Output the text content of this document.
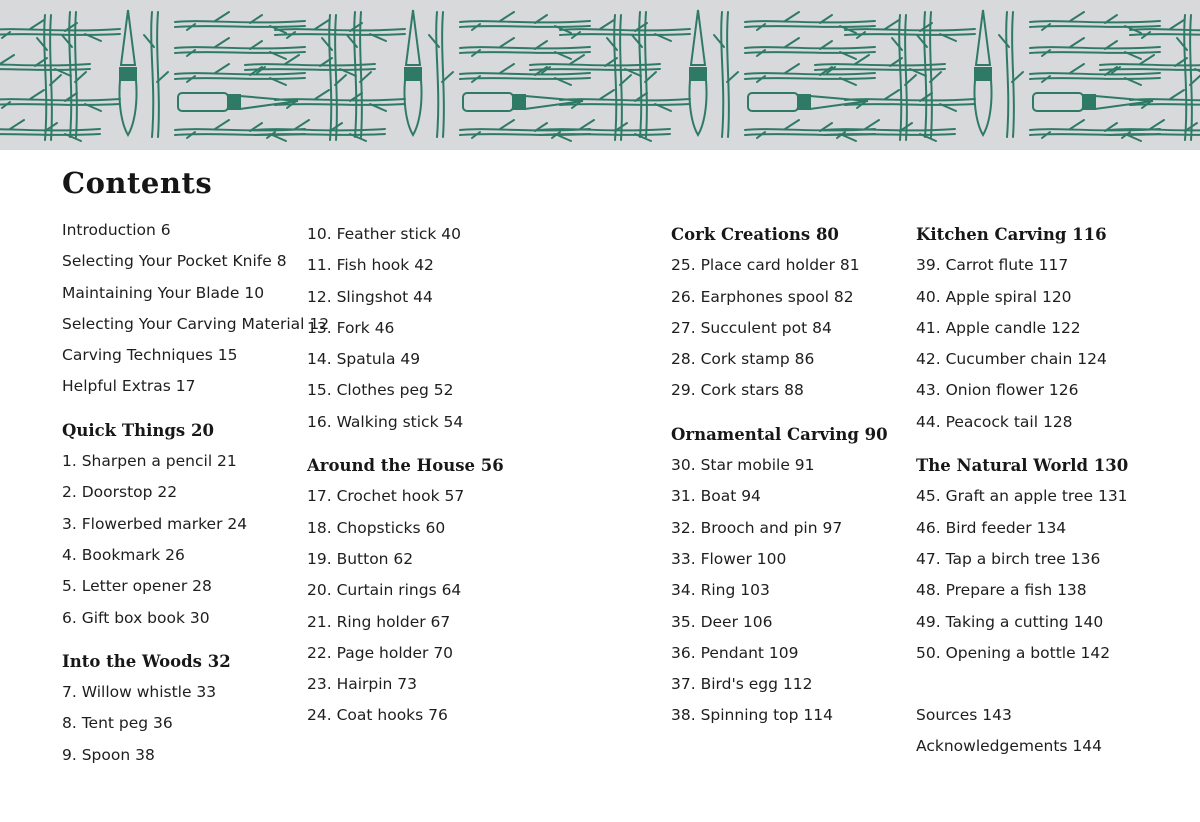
Contents
Introduction 6
Selecting Your Pocket Knife 8
Maintaining Your Blade 10
Selecting Your Carving Material 12
Carving Techniques 15
Helpful Extras 17
Quick Things 20
1. Sharpen a pencil 21
2. Doorstop 22
3. Flowerbed marker 24
4. Bookmark 26
5. Letter opener 28
6. Gift box book 30
Into the Woods 32
7. Willow whistle 33
8. Tent peg 36
9. Spoon 38
10. Feather stick 40
11. Fish hook 42
12. Slingshot 44
13. Fork 46
14. Spatula 49
15. Clothes peg 52
16. Walking stick 54
Around the House 56
17. Crochet hook 57
18. Chopsticks 60
19. Button 62
20. Curtain rings 64
21. Ring holder 67
22. Page holder 70
23. Hairpin 73
24. Coat hooks 76
Cork Creations 80
25. Place card holder 81
26. Earphones spool 82
27. Succulent pot 84
28. Cork stamp 86
29. Cork stars 88
Ornamental Carving 90
30. Star mobile 91
31. Boat 94
32. Brooch and pin 97
33. Flower 100
34. Ring 103
35. Deer 106
36. Pendant 109
37. Bird's egg 112
38. Spinning top 114
Kitchen Carving 116
39. Carrot flute 117
40. Apple spiral 120
41. Apple candle 122
42. Cucumber chain 124
43. Onion flower 126
44. Peacock tail 128
The Natural World 130
45. Graft an apple tree 131
46. Bird feeder 134
47. Tap a birch tree 136
48. Prepare a fish 138
49. Taking a cutting 140
50. Opening a bottle 142
Sources 143
Acknowledgements 144
